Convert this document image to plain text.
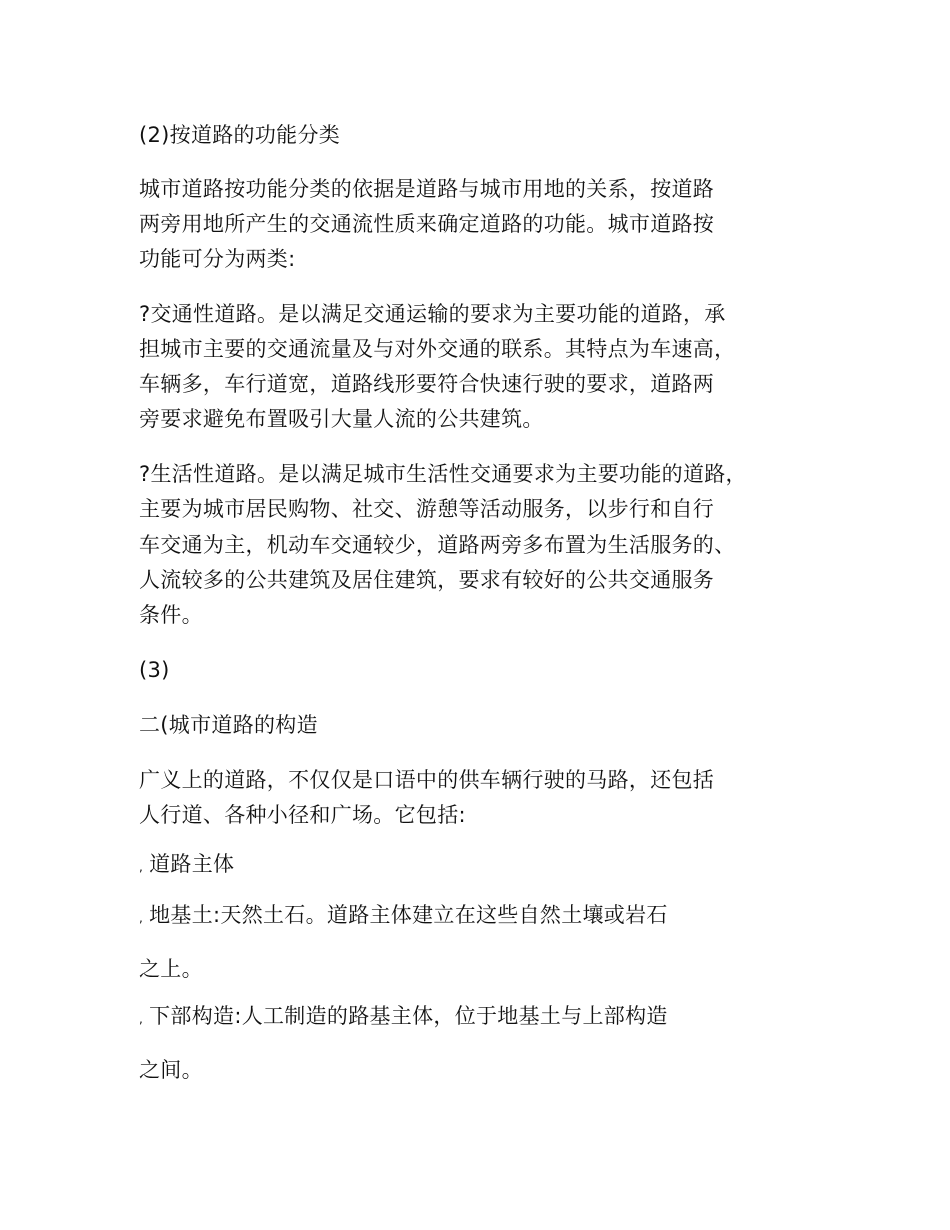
(2)按道路的功能分类
城市道路按功能分类的依据是道路与城市用地的关系，按道路
两旁用地所产生的交通流性质来确定道路的功能。城市道路按
功能可分为两类:
?交通性道路。是以满足交通运输的要求为主要功能的道路，承
担城市主要的交通流量及与对外交通的联系。其特点为车速高，
车辆多，车行道宽，道路线形要符合快速行驶的要求，道路两
旁要求避免布置吸引大量人流的公共建筑。
?生活性道路。是以满足城市生活性交通要求为主要功能的道路，
主要为城市居民购物、社交、游憩等活动服务，以步行和自行
车交通为主，机动车交通较少，道路两旁多布置为生活服务的、
人流较多的公共建筑及居住建筑，要求有较好的公共交通服务
条件。
(3)
二(城市道路的构造
广义上的道路，不仅仅是口语中的供车辆行驶的马路，还包括
人行道、各种小径和广场。它包括:
, 道路主体
, 地基土:天然土石。道路主体建立在这些自然土壤或岩石
之上。
, 下部构造:人工制造的路基主体，位于地基土与上部构造
之间。
